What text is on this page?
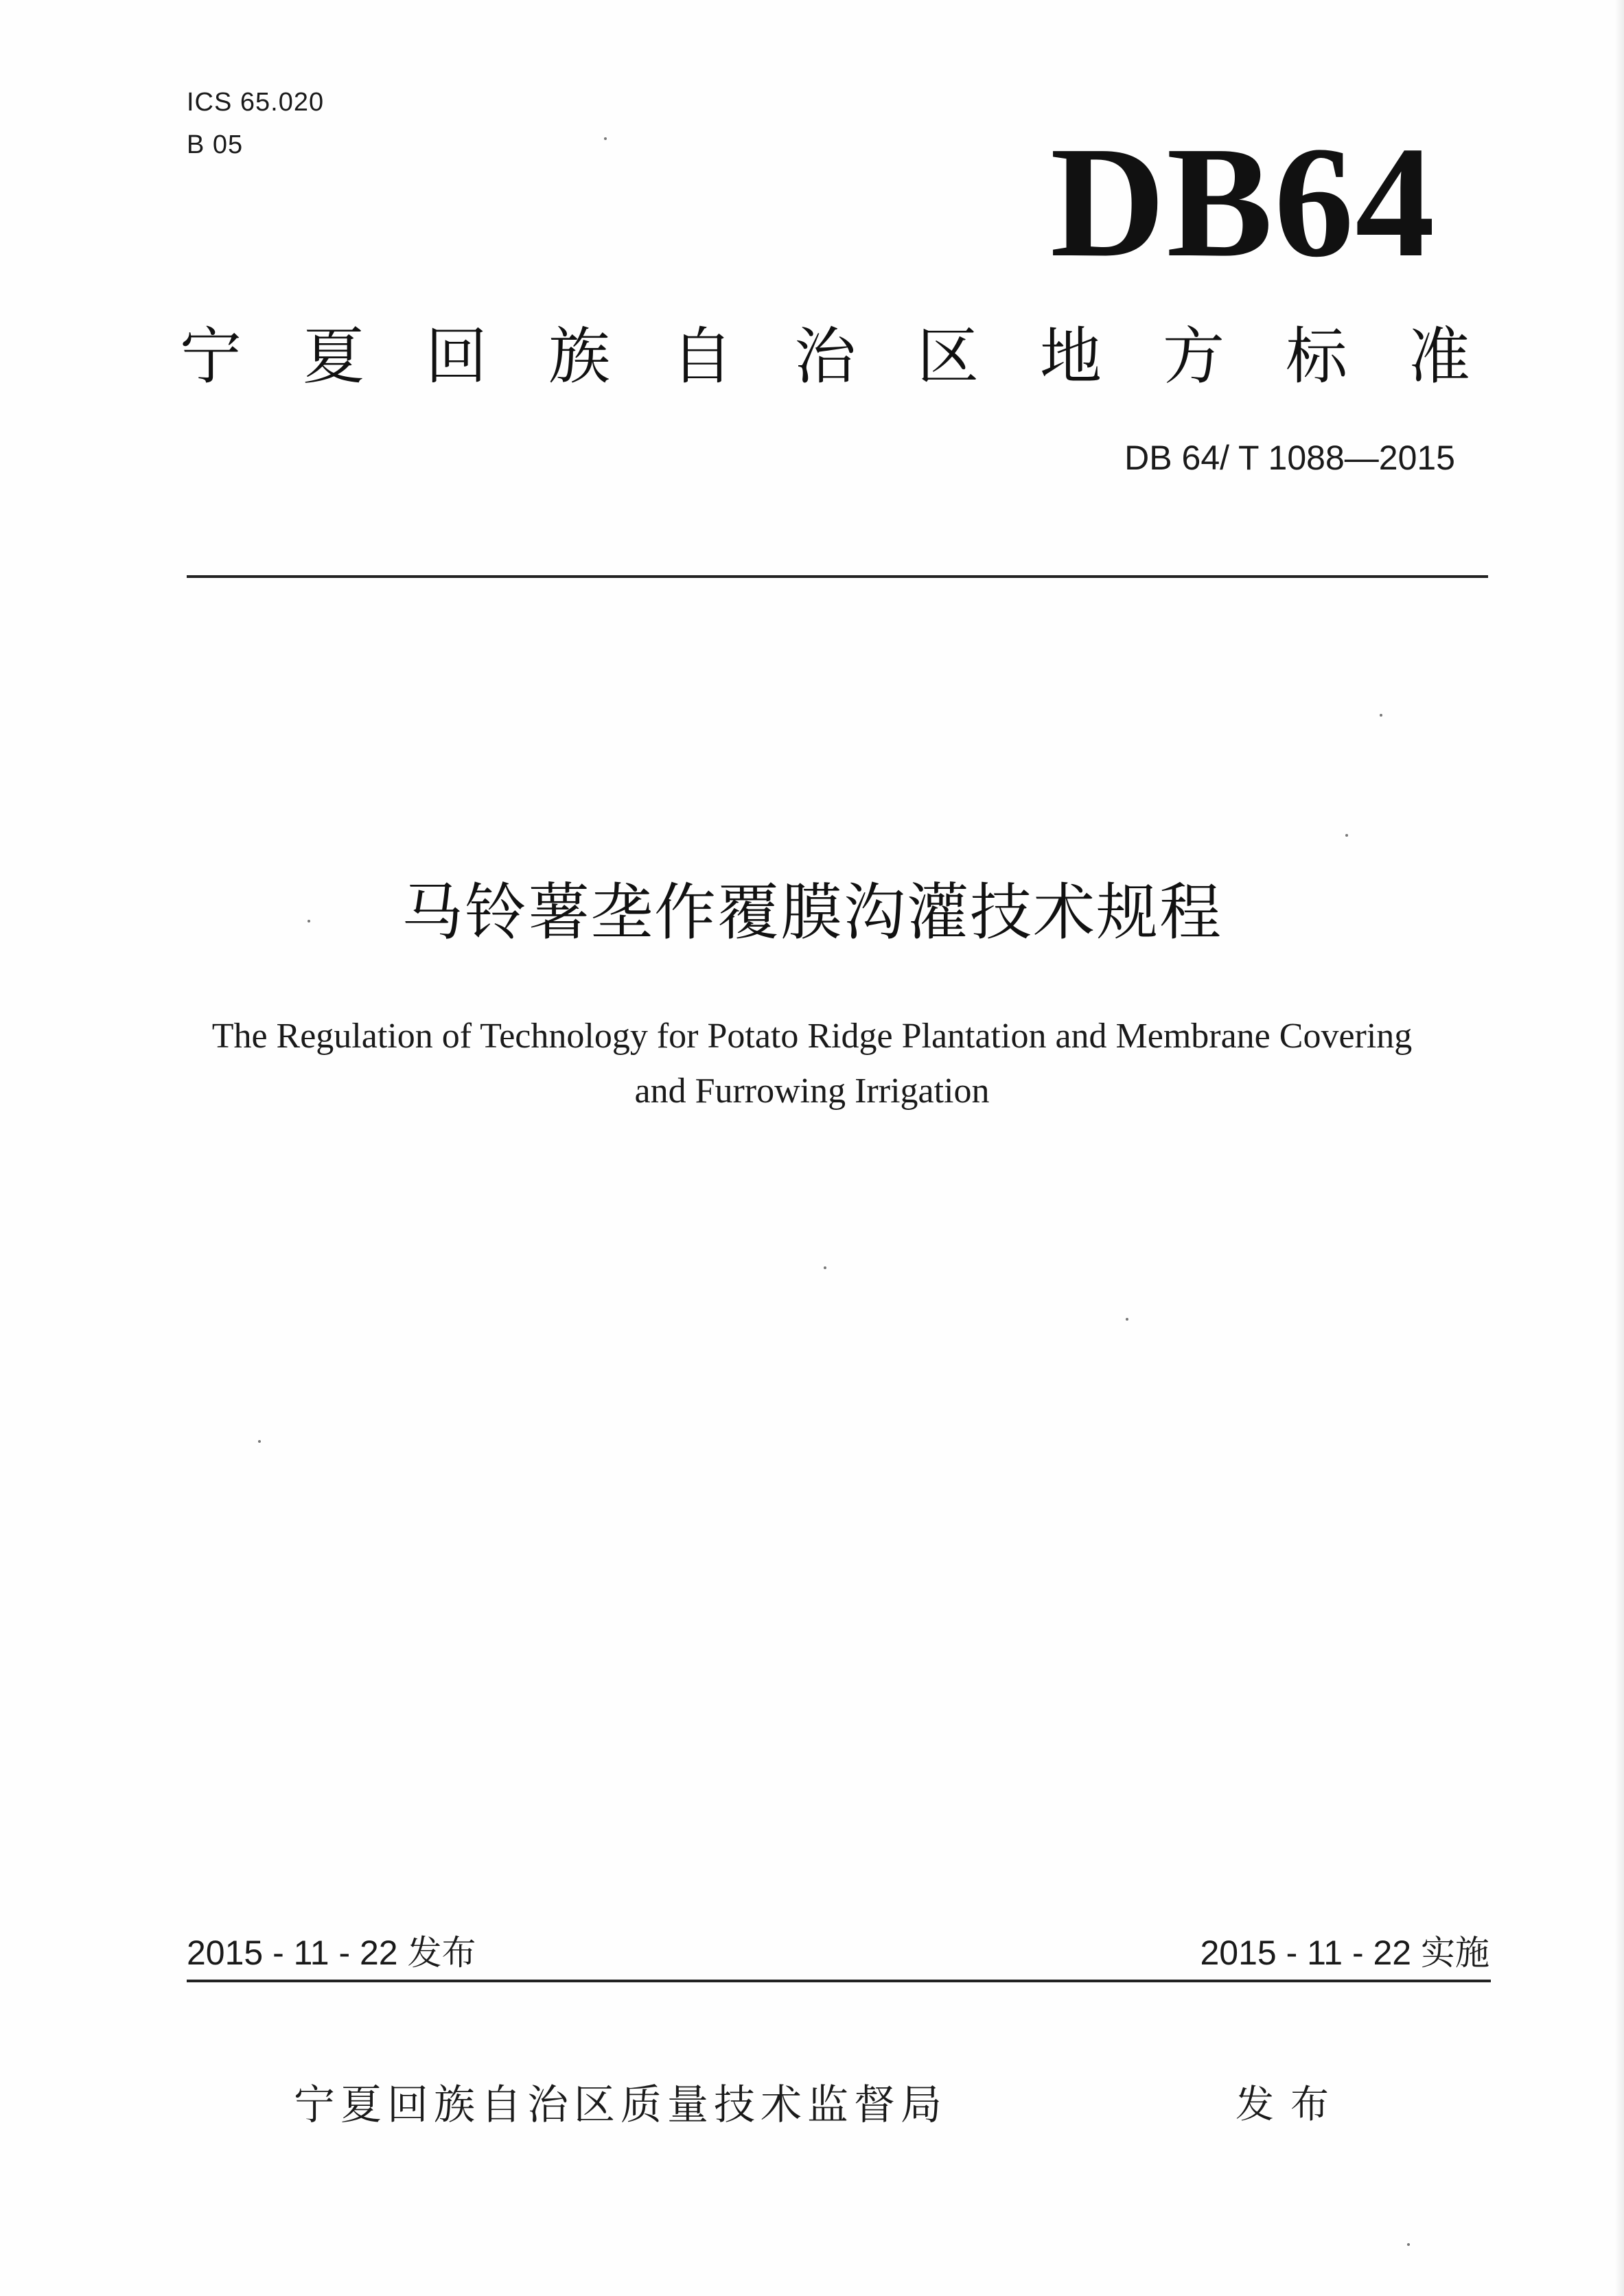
ICS 65.020
B 05	DB64
宁 夏 回 族 自 治 区 地 方 标 准
DB 64/ T 1088—2015
马铃薯垄作覆膜沟灌技术规程
The Regulation of Technology for Potato Ridge Plantation and Membrane Covering
and Furrowing Irrigation
2015 - 11 - 22 发布	2015 - 11 - 22 实施
宁夏回族自治区质量技术监督局	发布
